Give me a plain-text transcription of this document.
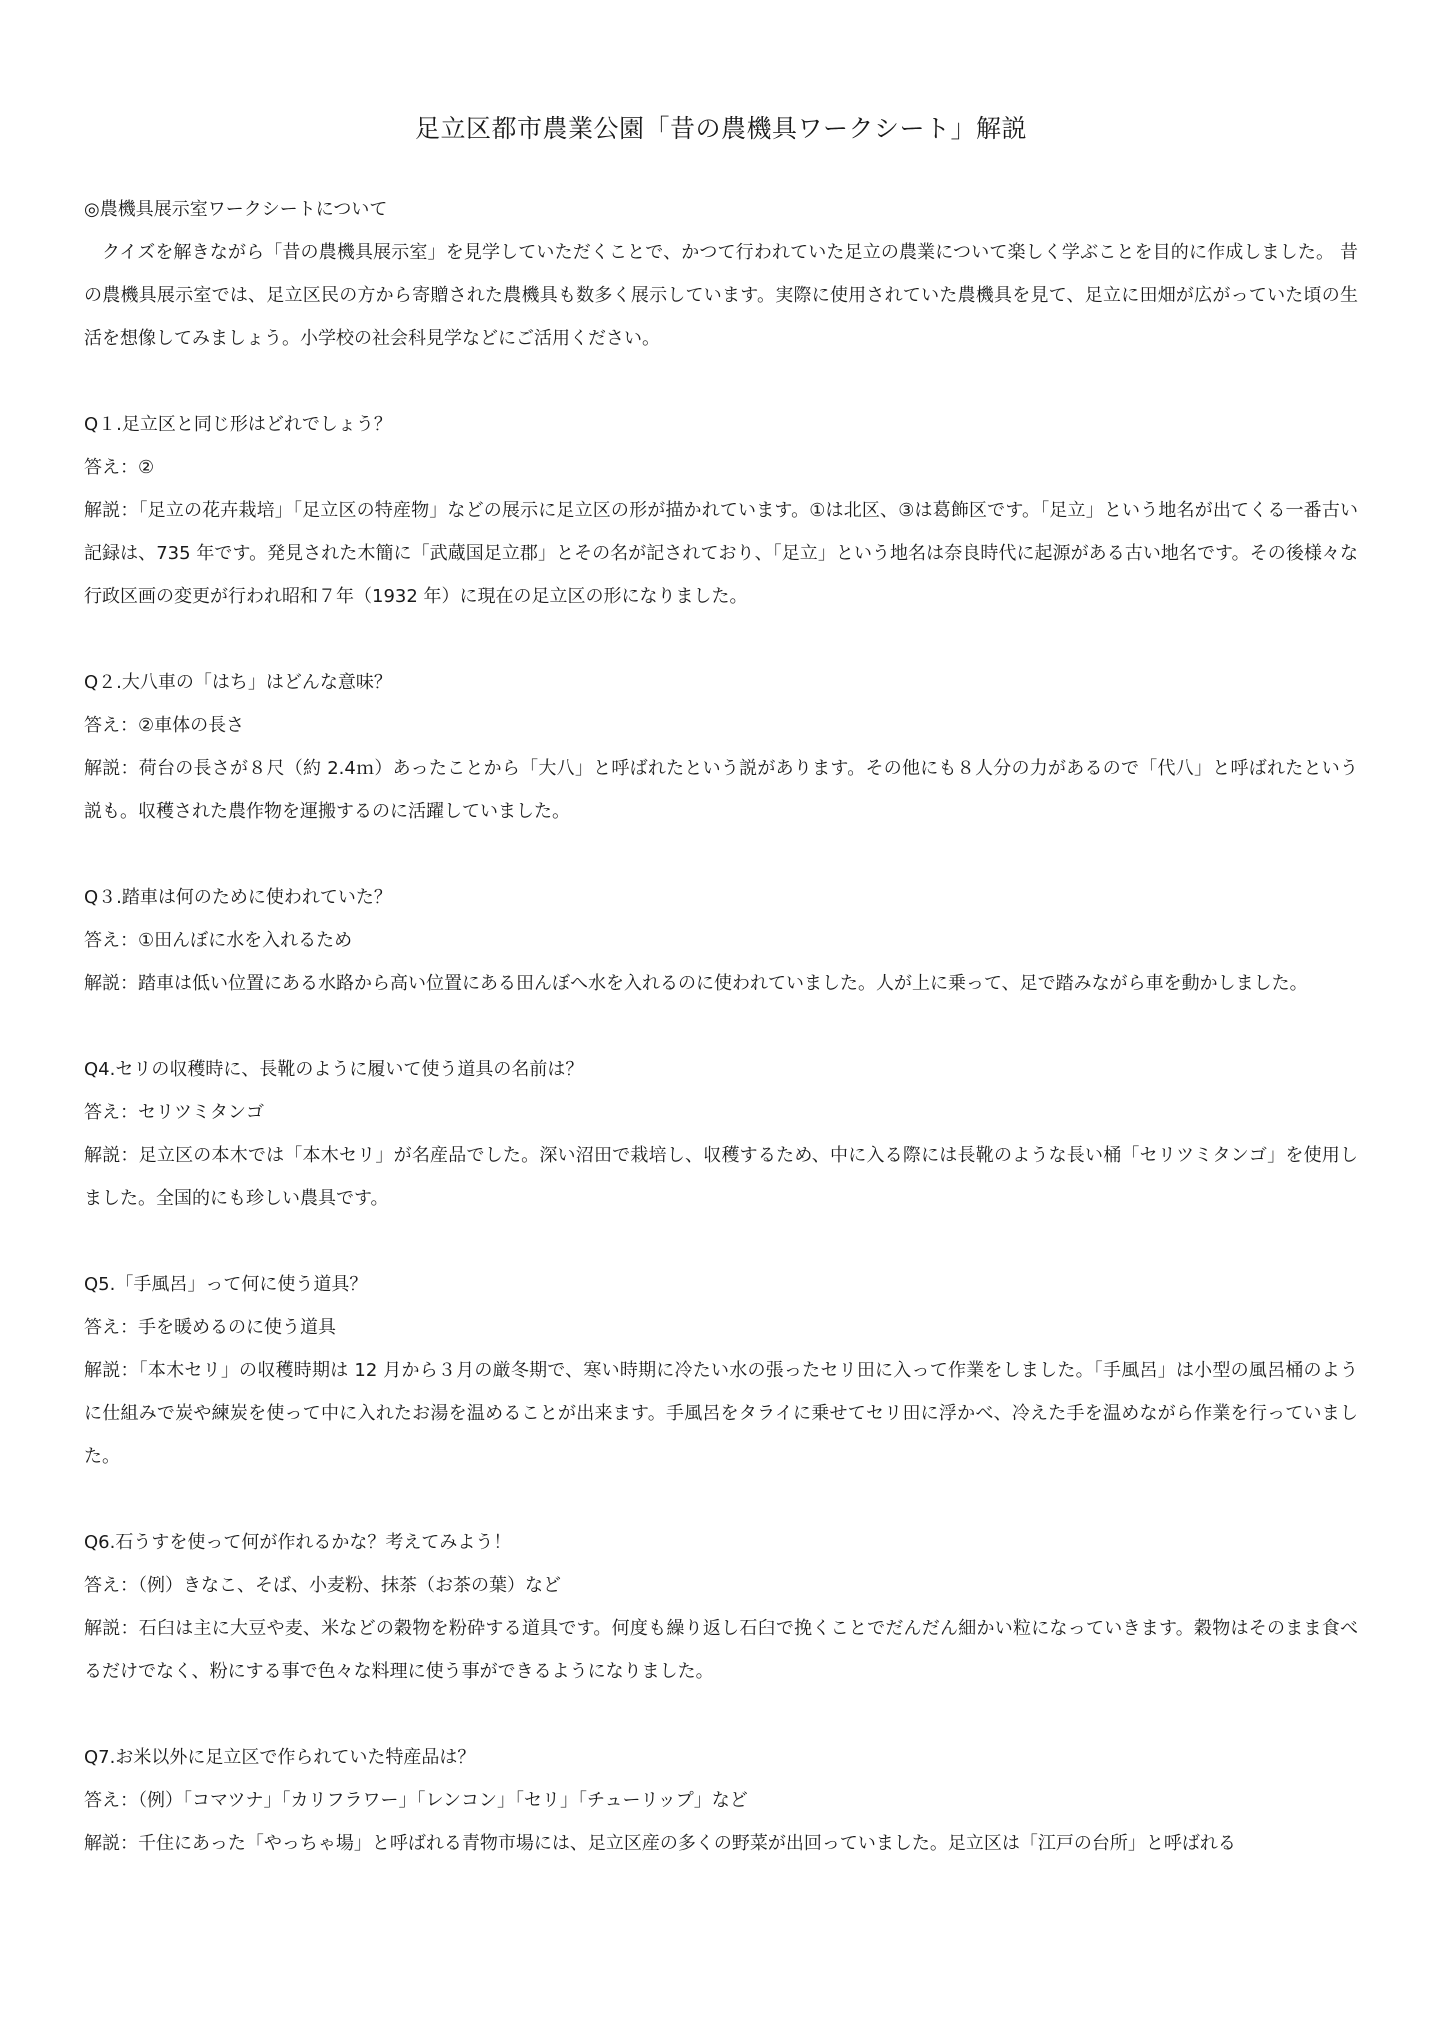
足立区都市農業公園「昔の農機具ワークシート」解説

◎農機具展示室ワークシートについて

クイズを解きながら「昔の農機具展示室」を見学していただくことで、かつて行われていた足立の農業について楽しく学ぶことを目的に作成しました。 昔の農機具展示室では、足立区民の方から寄贈された農機具も数多く展示しています。実際に使用されていた農機具を見て、足立に田畑が広がっていた頃の生活を想像してみましょう。小学校の社会科見学などにご活用ください。

Q１.足立区と同じ形はどれでしょう？

答え：②

解説：「足立の花卉栽培」「足立区の特産物」などの展示に足立区の形が描かれています。①は北区、③は葛飾区です。「足立」という地名が出てくる一番古い記録は、735 年です。発見された木簡に「武蔵国足立郡」とその名が記されており、「足立」という地名は奈良時代に起源がある古い地名です。その後様々な行政区画の変更が行われ昭和７年（1932 年）に現在の足立区の形になりました。

Q２.大八車の「はち」はどんな意味？

答え：②車体の長さ

解説：荷台の長さが８尺（約 2.4ｍ）あったことから「大八」と呼ばれたという説があります。その他にも８人分の力があるので「代八」と呼ばれたという説も。収穫された農作物を運搬するのに活躍していました。

Q３.踏車は何のために使われていた？

答え：①田んぼに水を入れるため

解説：踏車は低い位置にある水路から高い位置にある田んぼへ水を入れるのに使われていました。人が上に乗って、足で踏みながら車を動かしました。

Q4.セリの収穫時に、長靴のように履いて使う道具の名前は？

答え：セリツミタンゴ

解説：足立区の本木では「本木セリ」が名産品でした。深い沼田で栽培し、収穫するため、中に入る際には長靴のような長い桶「セリツミタンゴ」を使用しました。全国的にも珍しい農具です。

Q5.「手風呂」って何に使う道具？

答え：手を暖めるのに使う道具

解説：「本木セリ」の収穫時期は 12 月から３月の厳冬期で、寒い時期に冷たい水の張ったセリ田に入って作業をしました。「手風呂」は小型の風呂桶のように仕組みで炭や練炭を使って中に入れたお湯を温めることが出来ます。手風呂をタライに乗せてセリ田に浮かべ、冷えた手を温めながら作業を行っていました。

Q6.石うすを使って何が作れるかな？考えてみよう！

答え：（例）きなこ、そば、小麦粉、抹茶（お茶の葉）など

解説：石臼は主に大豆や麦、米などの穀物を粉砕する道具です。何度も繰り返し石臼で挽くことでだんだん細かい粒になっていきます。穀物はそのまま食べるだけでなく、粉にする事で色々な料理に使う事ができるようになりました。

Q7.お米以外に足立区で作られていた特産品は？

答え：（例）「コマツナ」「カリフラワー」「レンコン」「セリ」「チューリップ」など

解説：千住にあった「やっちゃ場」と呼ばれる青物市場には、足立区産の多くの野菜が出回っていました。足立区は「江戸の台所」と呼ばれる
